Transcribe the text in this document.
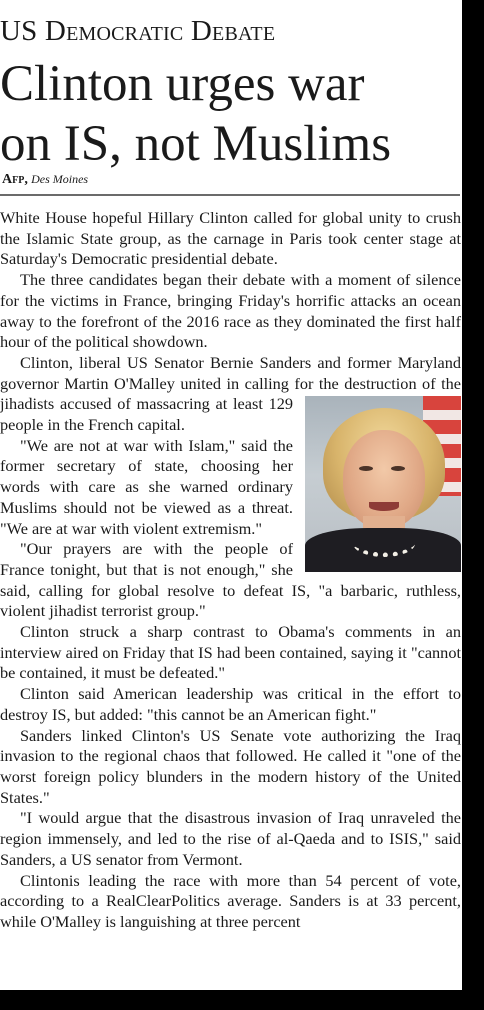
US Democratic Debate
Clinton urges war
on IS, not Muslims
Afp, Des Moines

White House hopeful Hillary Clinton called for global unity to crush the Islamic State group, as the carnage in Paris took center stage at Saturday's Democratic presidential debate.

The three candidates began their debate with a moment of silence for the victims in France, bringing Friday's horrific attacks an ocean away to the forefront of the 2016 race as they dominated the first half hour of the political showdown.

Clinton, liberal US Senator Bernie Sanders and former Maryland governor Martin O'Malley united in calling for
the destruction of the jihadists accused of massacring at least 129 people in the French capital.

"We are not at war with Islam," said the former secretary of state, choosing her words with care as she warned ordinary Muslims should not be viewed as a threat. "We are at war with violent extremism."

"Our prayers are with the people of France tonight, but that is not enough," she said, calling for global resolve to defeat IS, "a barbaric, ruthless, violent jihadist terrorist group."

Clinton struck a sharp contrast to Obama's comments in an interview aired on Friday that IS had been contained, saying it "cannot be contained, it must be defeated."

Clinton said American leadership was critical in the effort to destroy IS, but added: "this cannot be an American fight."

Sanders linked Clinton's US Senate vote authorizing the Iraq invasion to the regional chaos that followed. He called it "one of the worst foreign policy blunders in the modern history of the United States."

"I would argue that the disastrous invasion of Iraq unraveled the region immensely, and led to the rise of al-Qaeda and to ISIS," said Sanders, a US senator from Vermont.

Clintonis leading the race with more than 54 percent of vote, according to a RealClearPolitics average. Sanders is at 33 percent, while O'Malley is languishing at three percent
